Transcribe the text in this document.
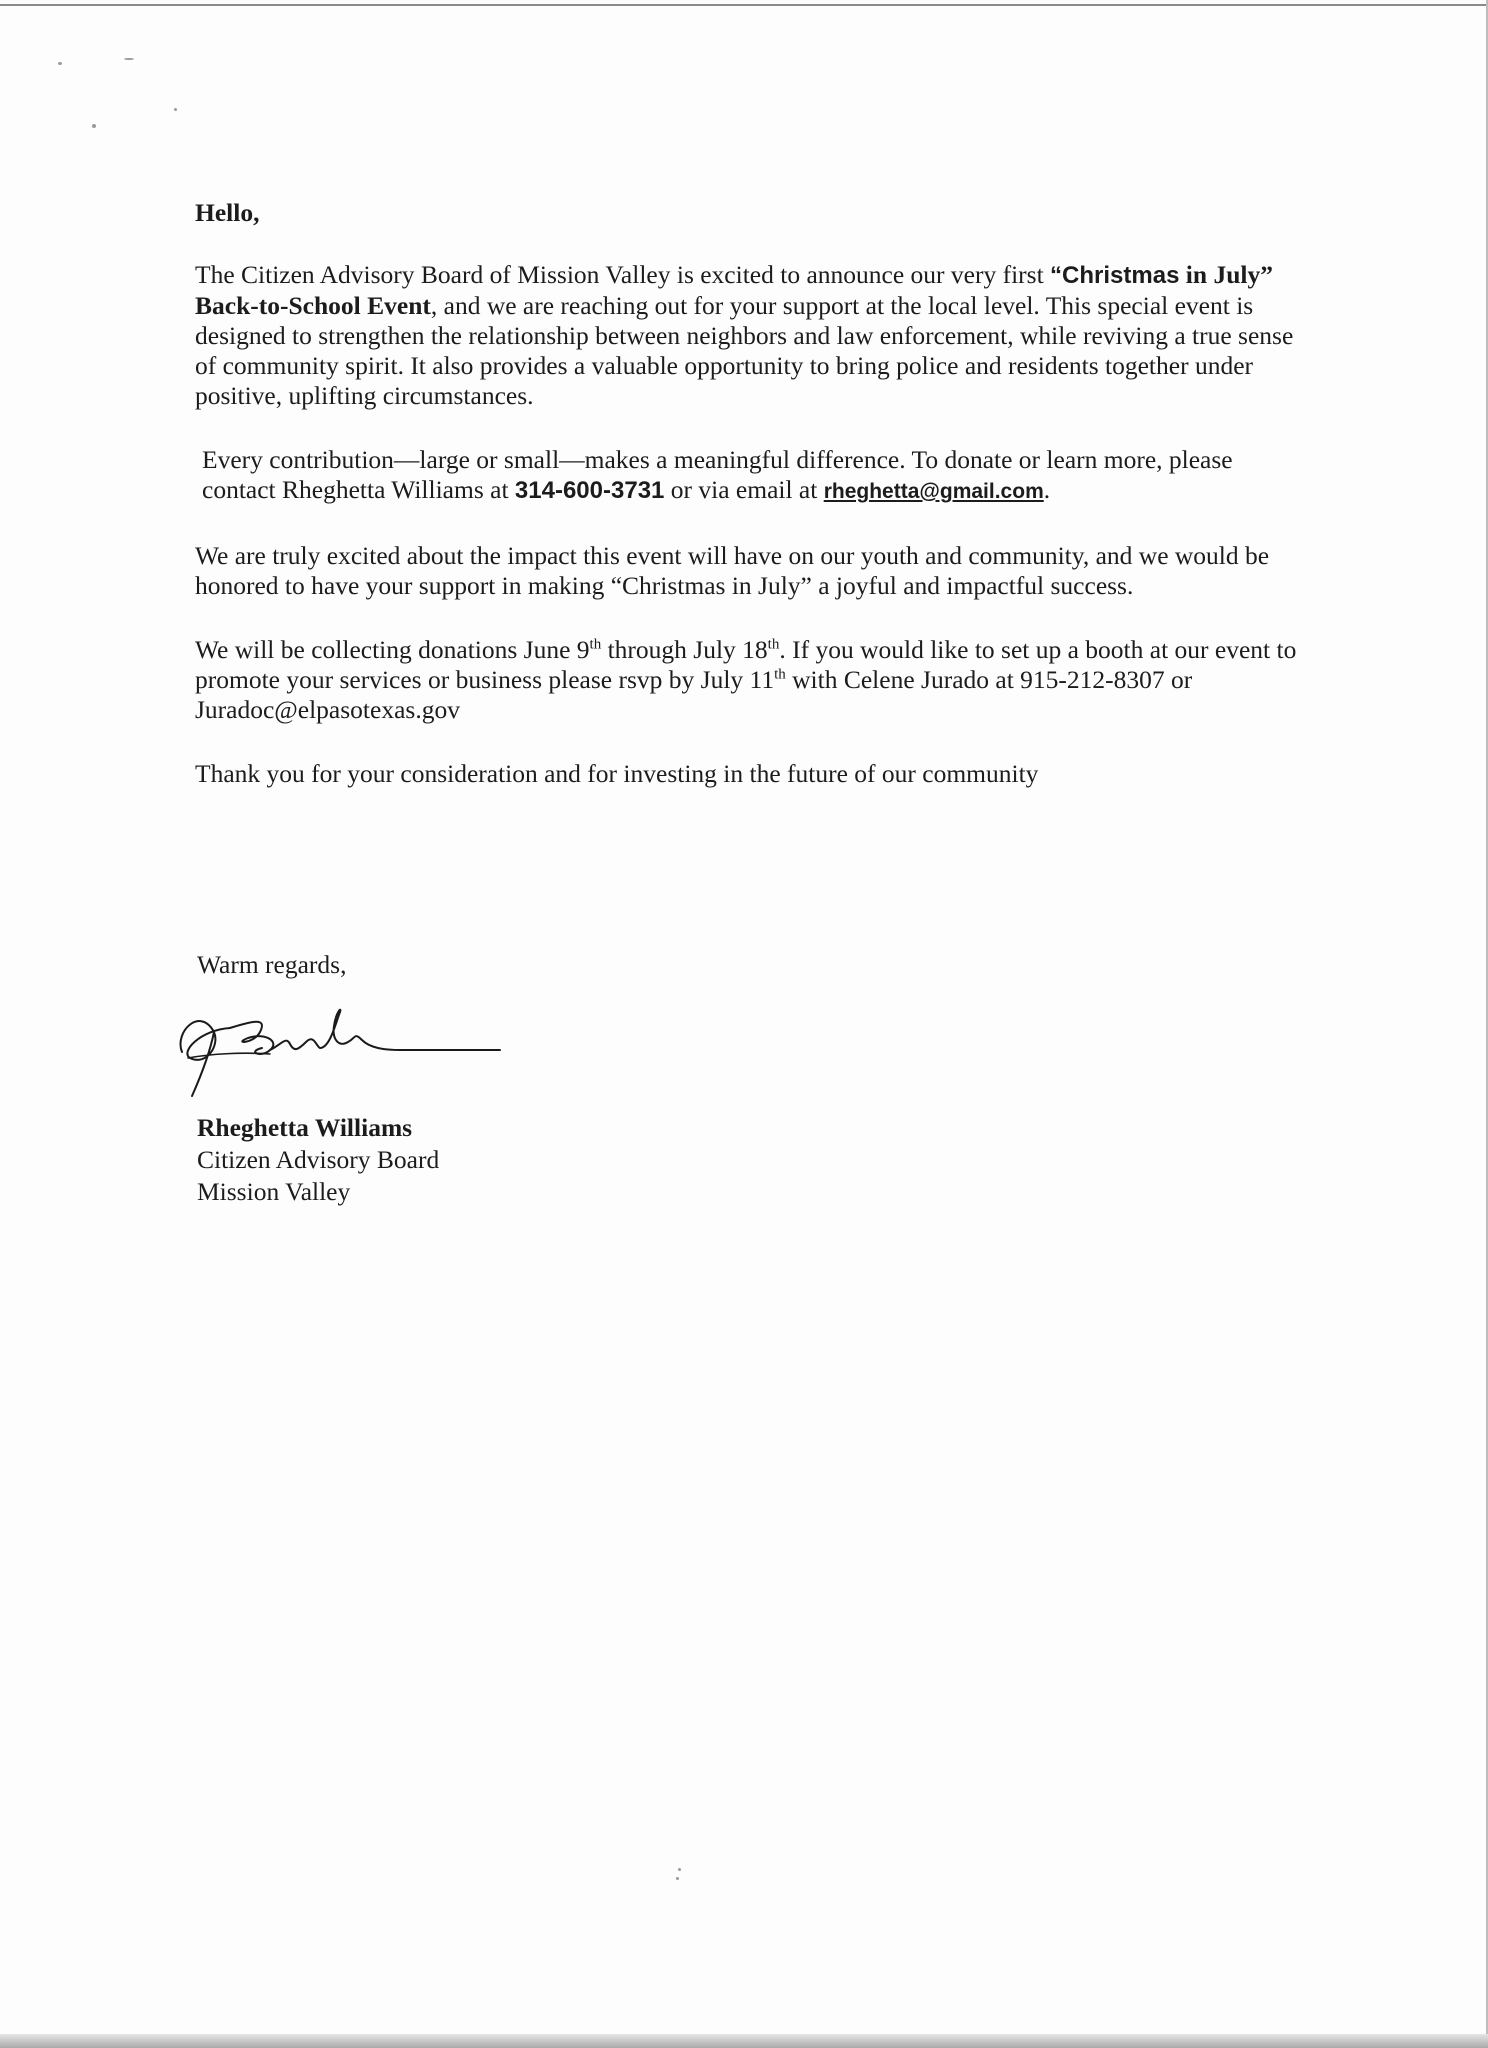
Hello,

The Citizen Advisory Board of Mission Valley is excited to announce our very first “Christmas in July” Back-to-School Event, and we are reaching out for your support at the local level. This special event is designed to strengthen the relationship between neighbors and law enforcement, while reviving a true sense of community spirit. It also provides a valuable opportunity to bring police and residents together under positive, uplifting circumstances.

Every contribution—large or small—makes a meaningful difference. To donate or learn more, please contact Rheghetta Williams at 314-600-3731 or via email at rheghetta@gmail.com.

We are truly excited about the impact this event will have on our youth and community, and we would be honored to have your support in making “Christmas in July” a joyful and impactful success.

We will be collecting donations June 9th through July 18th. If you would like to set up a booth at our event to promote your services or business please rsvp by July 11th with Celene Jurado at 915-212-8307 or Juradoc@elpasotexas.gov

Thank you for your consideration and for investing in the future of our community

Warm regards,
Rheghetta Williams
Citizen Advisory Board
Mission Valley
